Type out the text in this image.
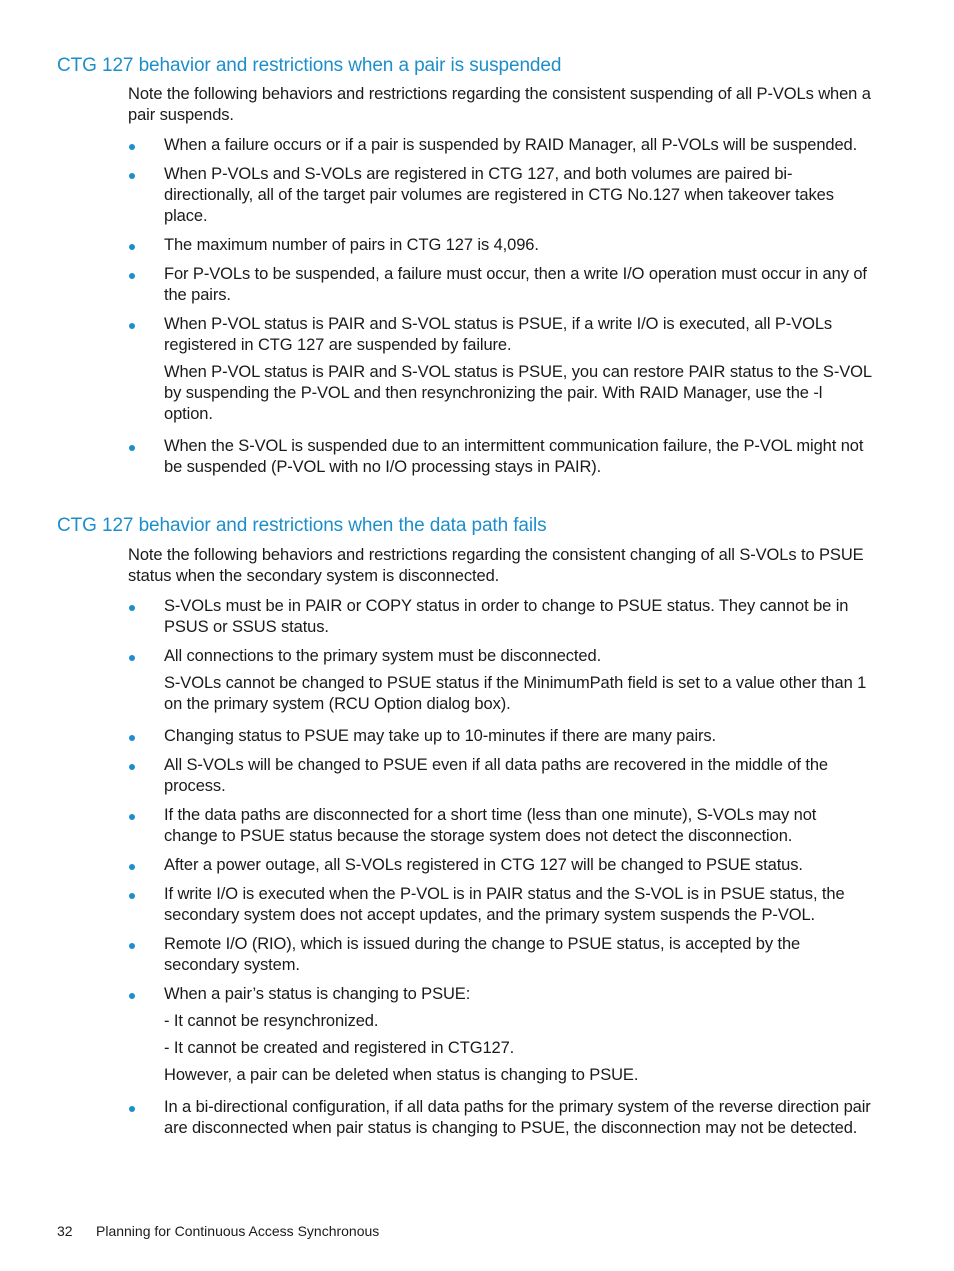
CTG 127 behavior and restrictions when a pair is suspended

Note the following behaviors and restrictions regarding the consistent suspending of all P-VOLs when a pair suspends.

When a failure occurs or if a pair is suspended by RAID Manager, all P-VOLs will be suspended.
When P-VOLs and S-VOLs are registered in CTG 127, and both volumes are paired bi-directionally, all of the target pair volumes are registered in CTG No.127 when takeover takes place.
The maximum number of pairs in CTG 127 is 4,096.
For P-VOLs to be suspended, a failure must occur, then a write I/O operation must occur in any of the pairs.
When P-VOL status is PAIR and S-VOL status is PSUE, if a write I/O is executed, all P-VOLs registered in CTG 127 are suspended by failure.

When P-VOL status is PAIR and S-VOL status is PSUE, you can restore PAIR status to the S-VOL by suspending the P-VOL and then resynchronizing the pair. With RAID Manager, use the -l option.

When the S-VOL is suspended due to an intermittent communication failure, the P-VOL might not be suspended (P-VOL with no I/O processing stays in PAIR).
CTG 127 behavior and restrictions when the data path fails

Note the following behaviors and restrictions regarding the consistent changing of all S-VOLs to PSUE status when the secondary system is disconnected.

S-VOLs must be in PAIR or COPY status in order to change to PSUE status. They cannot be in PSUS or SSUS status.
All connections to the primary system must be disconnected.

S-VOLs cannot be changed to PSUE status if the MinimumPath field is set to a value other than 1 on the primary system (RCU Option dialog box).

Changing status to PSUE may take up to 10-minutes if there are many pairs.
All S-VOLs will be changed to PSUE even if all data paths are recovered in the middle of the process.
If the data paths are disconnected for a short time (less than one minute), S-VOLs may not change to PSUE status because the storage system does not detect the disconnection.
After a power outage, all S-VOLs registered in CTG 127 will be changed to PSUE status.
If write I/O is executed when the P-VOL is in PAIR status and the S-VOL is in PSUE status, the secondary system does not accept updates, and the primary system suspends the P-VOL.
Remote I/O (RIO), which is issued during the change to PSUE status, is accepted by the secondary system.
When a pair’s status is changing to PSUE:

- It cannot be resynchronized.

- It cannot be created and registered in CTG127.

However, a pair can be deleted when status is changing to PSUE.

In a bi-directional configuration, if all data paths for the primary system of the reverse direction pair are disconnected when pair status is changing to PSUE, the disconnection may not be detected.
32	Planning for Continuous Access Synchronous
